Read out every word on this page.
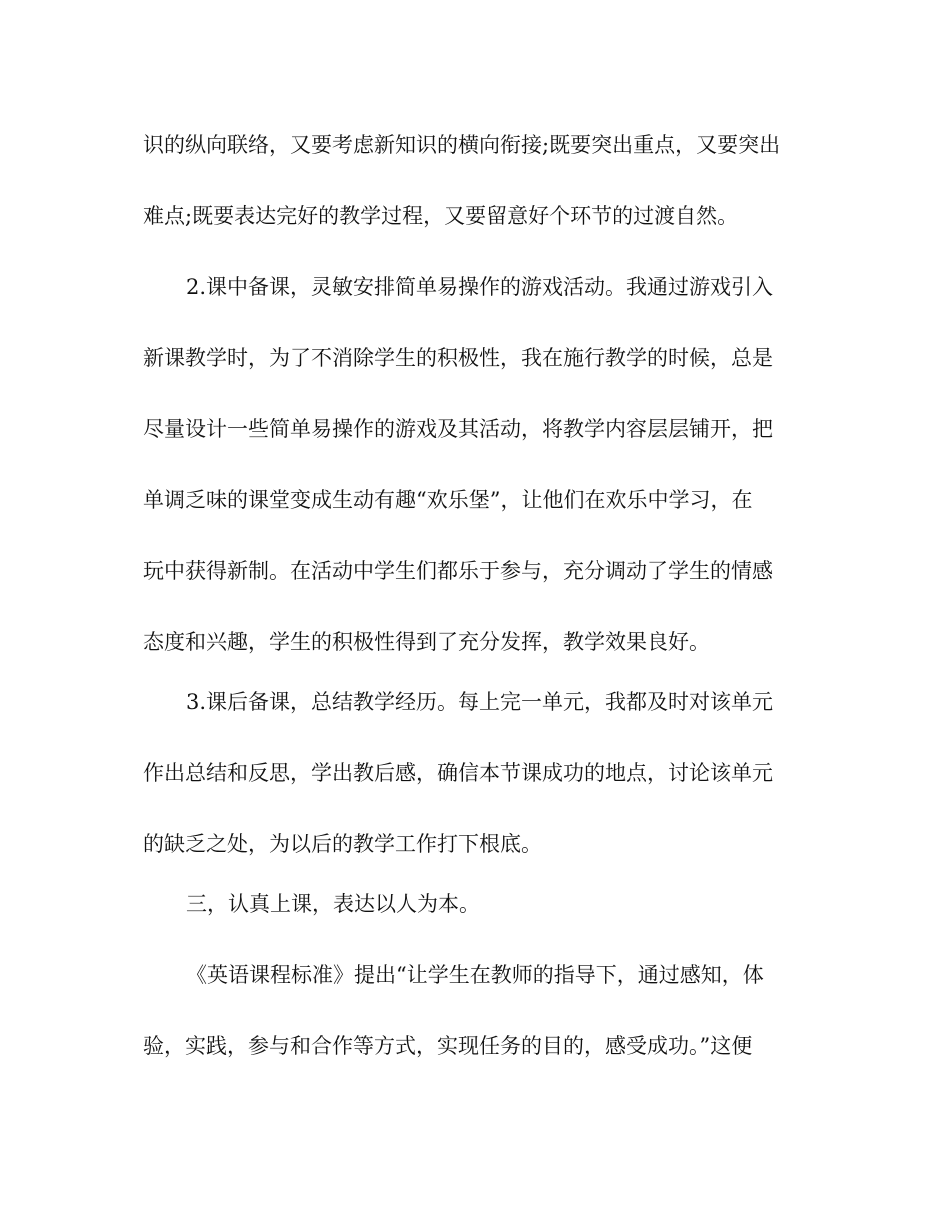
识的纵向联络，又要考虑新知识的横向衔接;既要突出重点，又要突出
难点;既要表达完好的教学过程，又要留意好个环节的过渡自然。
2.课中备课，灵敏安排简单易操作的游戏活动。我通过游戏引入
新课教学时，为了不消除学生的积极性，我在施行教学的时候，总是
尽量设计一些简单易操作的游戏及其活动，将教学内容层层铺开，把
单调乏味的课堂变成生动有趣“欢乐堡”，让他们在欢乐中学习，在
玩中获得新制。在活动中学生们都乐于参与，充分调动了学生的情感
态度和兴趣，学生的积极性得到了充分发挥，教学效果良好。
3.课后备课，总结教学经历。每上完一单元，我都及时对该单元
作出总结和反思，学出教后感，确信本节课成功的地点，讨论该单元
的缺乏之处，为以后的教学工作打下根底。
三，认真上课，表达以人为本。
《英语课程标准》提出“让学生在教师的指导下，通过感知，体
验，实践，参与和合作等方式，实现任务的目的，感受成功。”这便
